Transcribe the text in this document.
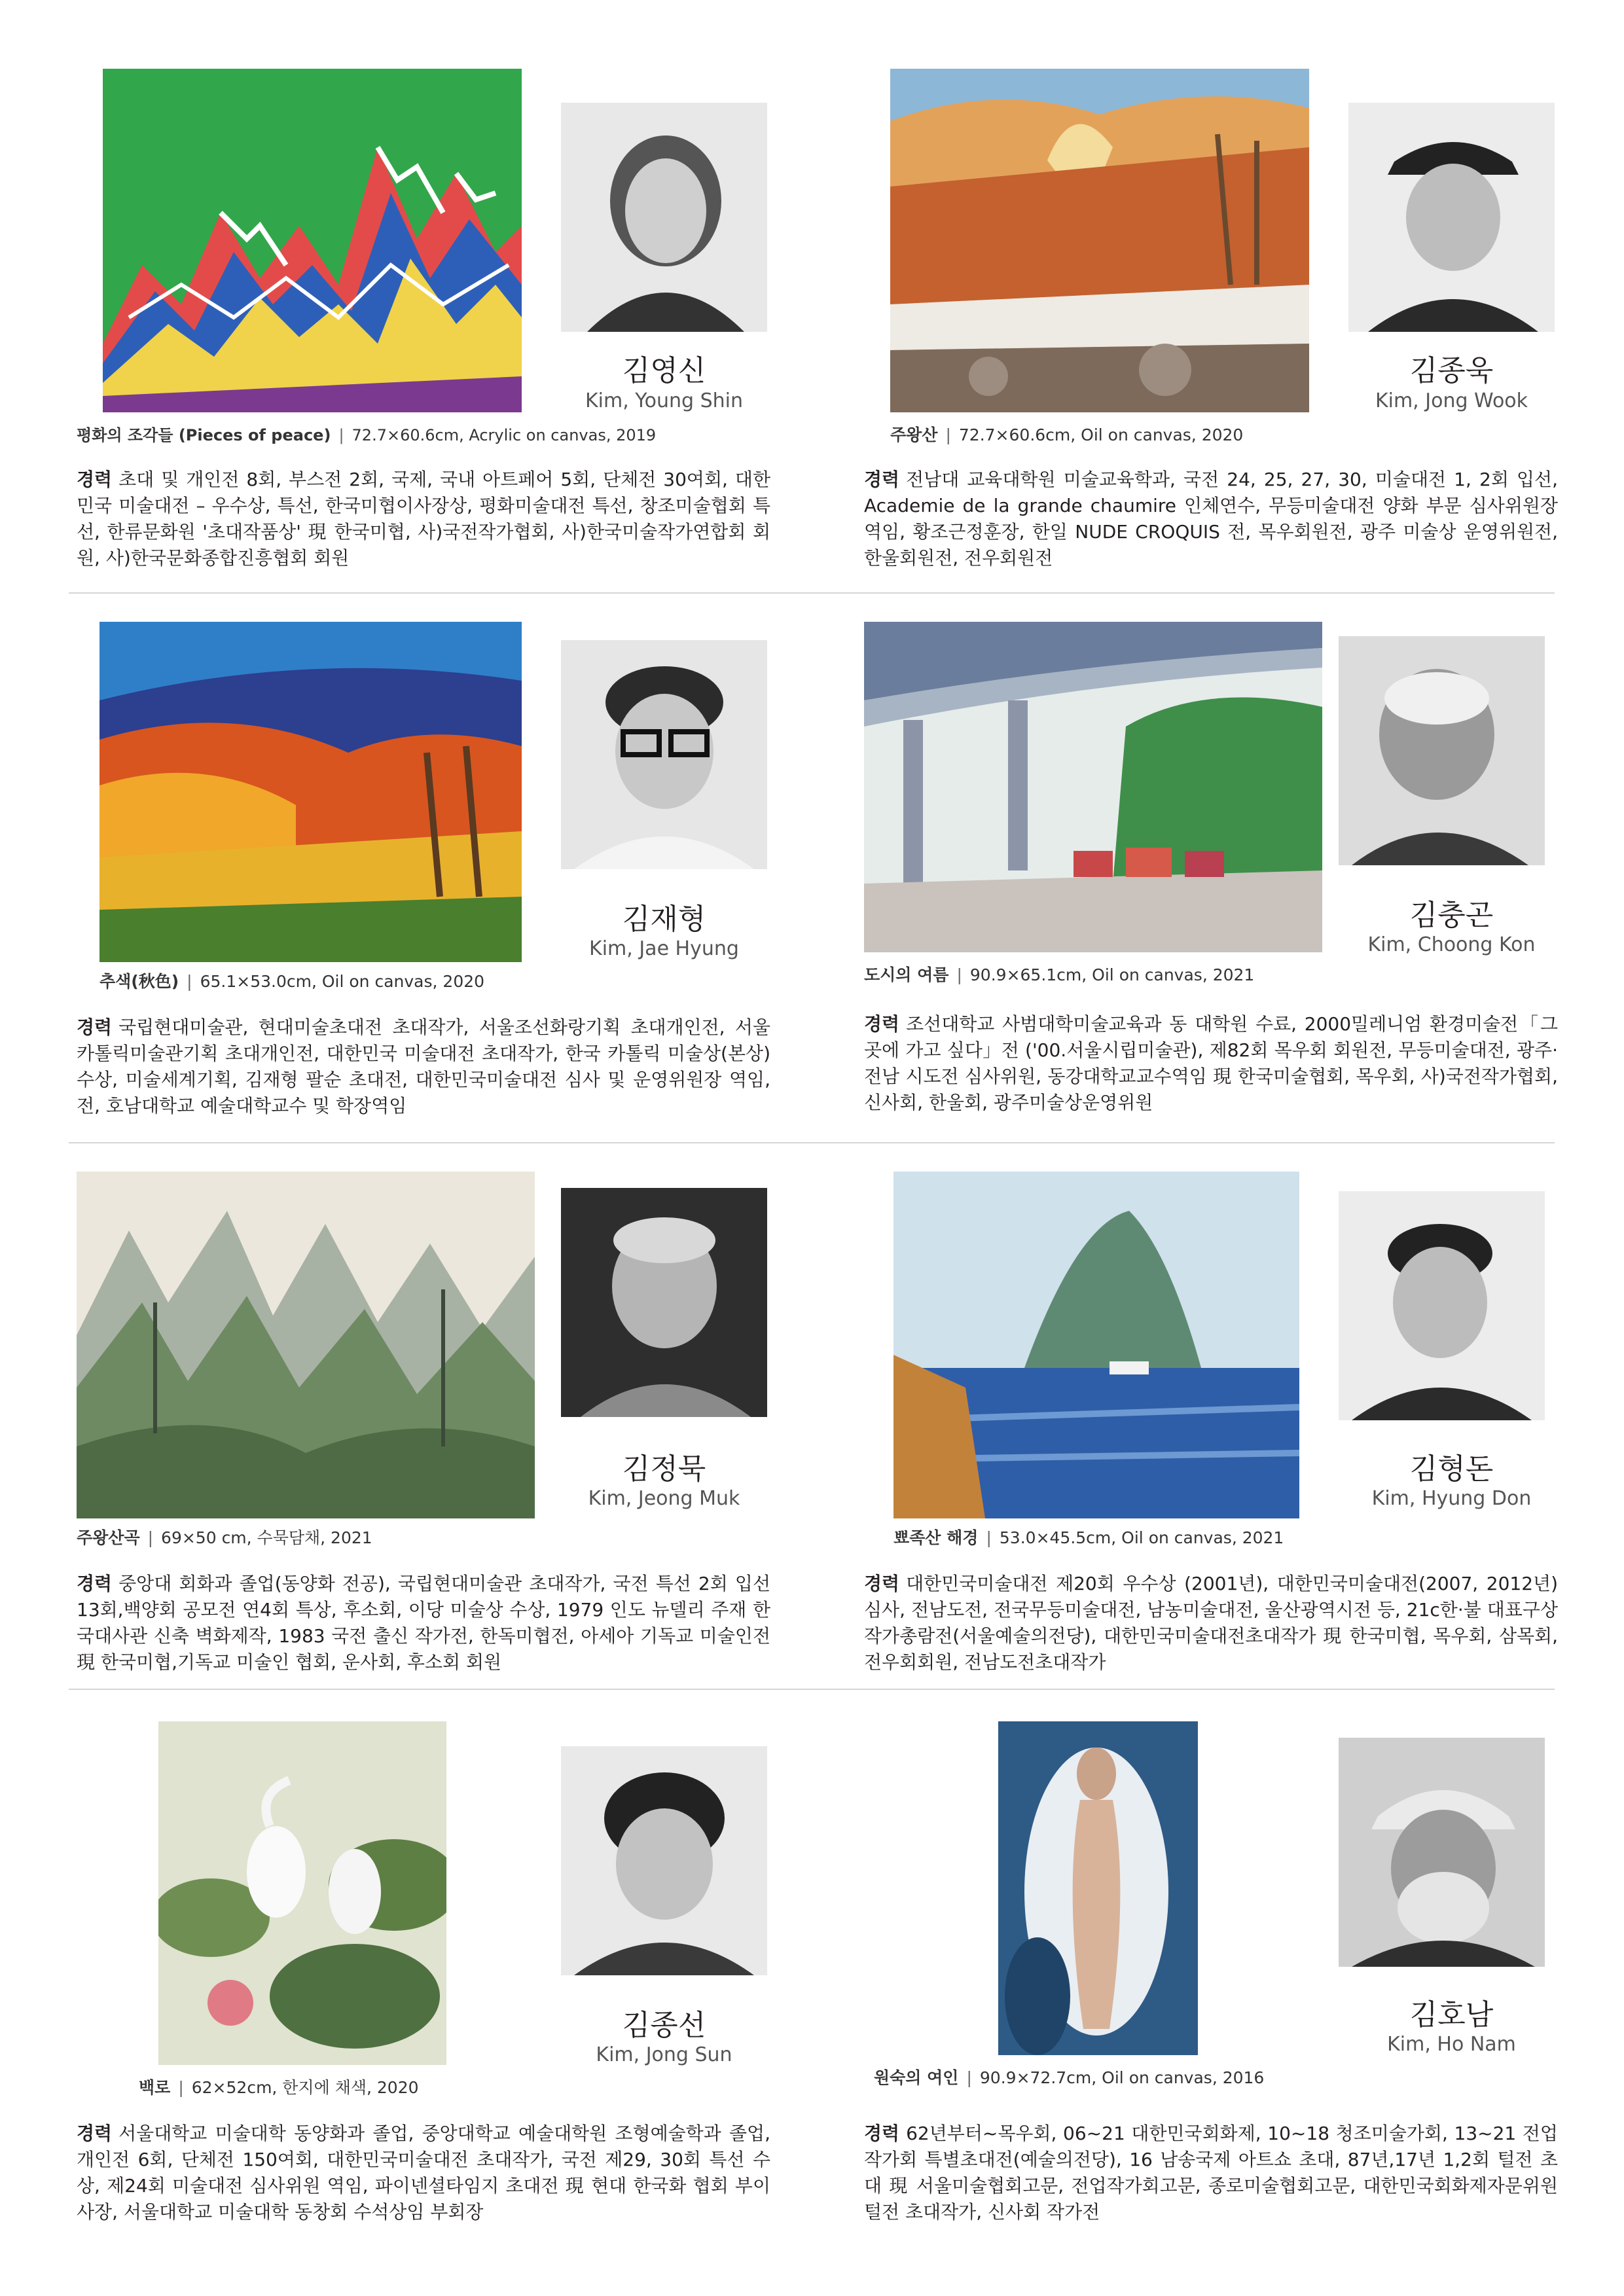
김영신
Kim, Young Shin
평화의 조각들 (Pieces of peace) | 72.7×60.6cm, Acrylic on canvas, 2019
경력 초대 및 개인전 8회, 부스전 2회, 국제, 국내 아트페어 5회, 단체전 30여회, 대한민국 미술대전 – 우수상, 특선, 한국미협이사장상, 평화미술대전 특선, 창조미술협회 특선, 한류문화원 '초대작품상' 現 한국미협, 사)국전작가협회, 사)한국미술작가연합회 회원, 사)한국문화종합진흥협회 회원
김종욱
Kim, Jong Wook
주왕산 | 72.7×60.6cm, Oil on canvas, 2020
경력 전남대 교육대학원 미술교육학과, 국전 24, 25, 27, 30, 미술대전 1, 2회 입선, Academie de la grande chaumire 인체연수, 무등미술대전 양화 부문 심사위원장 역임, 황조근정훈장, 한일 NUDE CROQUIS 전, 목우회원전, 광주 미술상 운영위원전, 한울회원전, 전우회원전
김재형
Kim, Jae Hyung
추색(秋色) | 65.1×53.0cm, Oil on canvas, 2020
경력 국립현대미술관, 현대미술초대전 초대작가, 서울조선화랑기획 초대개인전, 서울 카톨릭미술관기획 초대개인전, 대한민국 미술대전 초대작가, 한국 카톨릭 미술상(본상) 수상, 미술세계기획, 김재형 팔순 초대전, 대한민국미술대전 심사 및 운영위원장 역임, 전, 호남대학교 예술대학교수 및 학장역임
김충곤
Kim, Choong Kon
도시의 여름 | 90.9×65.1cm, Oil on canvas, 2021
경력 조선대학교 사범대학미술교육과 동 대학원 수료, 2000밀레니엄 환경미술전「그곳에 가고 싶다」전 ('00.서울시립미술관), 제82회 목우회 회원전, 무등미술대전, 광주·전남 시도전 심사위원, 동강대학교교수역임 現 한국미술협회, 목우회, 사)국전작가협회, 신사회, 한울회, 광주미술상운영위원
김정묵
Kim, Jeong Muk
주왕산곡 | 69×50 cm, 수묵담채, 2021
경력 중앙대 회화과 졸업(동양화 전공), 국립현대미술관 초대작가, 국전 특선 2회 입선 13회,백양회 공모전 연4회 특상, 후소회, 이당 미술상 수상, 1979 인도 뉴델리 주재 한국대사관 신축 벽화제작, 1983 국전 출신 작가전, 한독미협전, 아세아 기독교 미술인전 現 한국미협,기독교 미술인 협회, 운사회, 후소회 회원
김형돈
Kim, Hyung Don
뾰족산 해경 | 53.0×45.5cm, Oil on canvas, 2021
경력 대한민국미술대전 제20회 우수상 (2001년), 대한민국미술대전(2007, 2012년) 심사, 전남도전, 전국무등미술대전, 남농미술대전, 울산광역시전 등, 21c한·불 대표구상작가총람전(서울예술의전당), 대한민국미술대전초대작가 現 한국미협, 목우회, 삼목회, 전우회회원, 전남도전초대작가
김종선
Kim, Jong Sun
백로 | 62×52cm, 한지에 채색, 2020
경력 서울대학교 미술대학 동양화과 졸업, 중앙대학교 예술대학원 조형예술학과 졸업, 개인전 6회, 단체전 150여회, 대한민국미술대전 초대작가, 국전 제29, 30회 특선 수상, 제24회 미술대전 심사위원 역임, 파이넨셜타임지 초대전 現 현대 한국화 협회 부이사장, 서울대학교 미술대학 동창회 수석상임 부회장
김호남
Kim, Ho Nam
원숙의 여인 | 90.9×72.7cm, Oil on canvas, 2016
경력 62년부터~목우회, 06~21 대한민국회화제, 10~18 청조미술가회, 13~21 전업작가회 특별초대전(예술의전당), 16 남송국제 아트쇼 초대, 87년,17년 1,2회 털전 초대 現 서울미술협회고문, 전업작가회고문, 종로미술협회고문, 대한민국회화제자문위원 털전 초대작가, 신사회 작가전
